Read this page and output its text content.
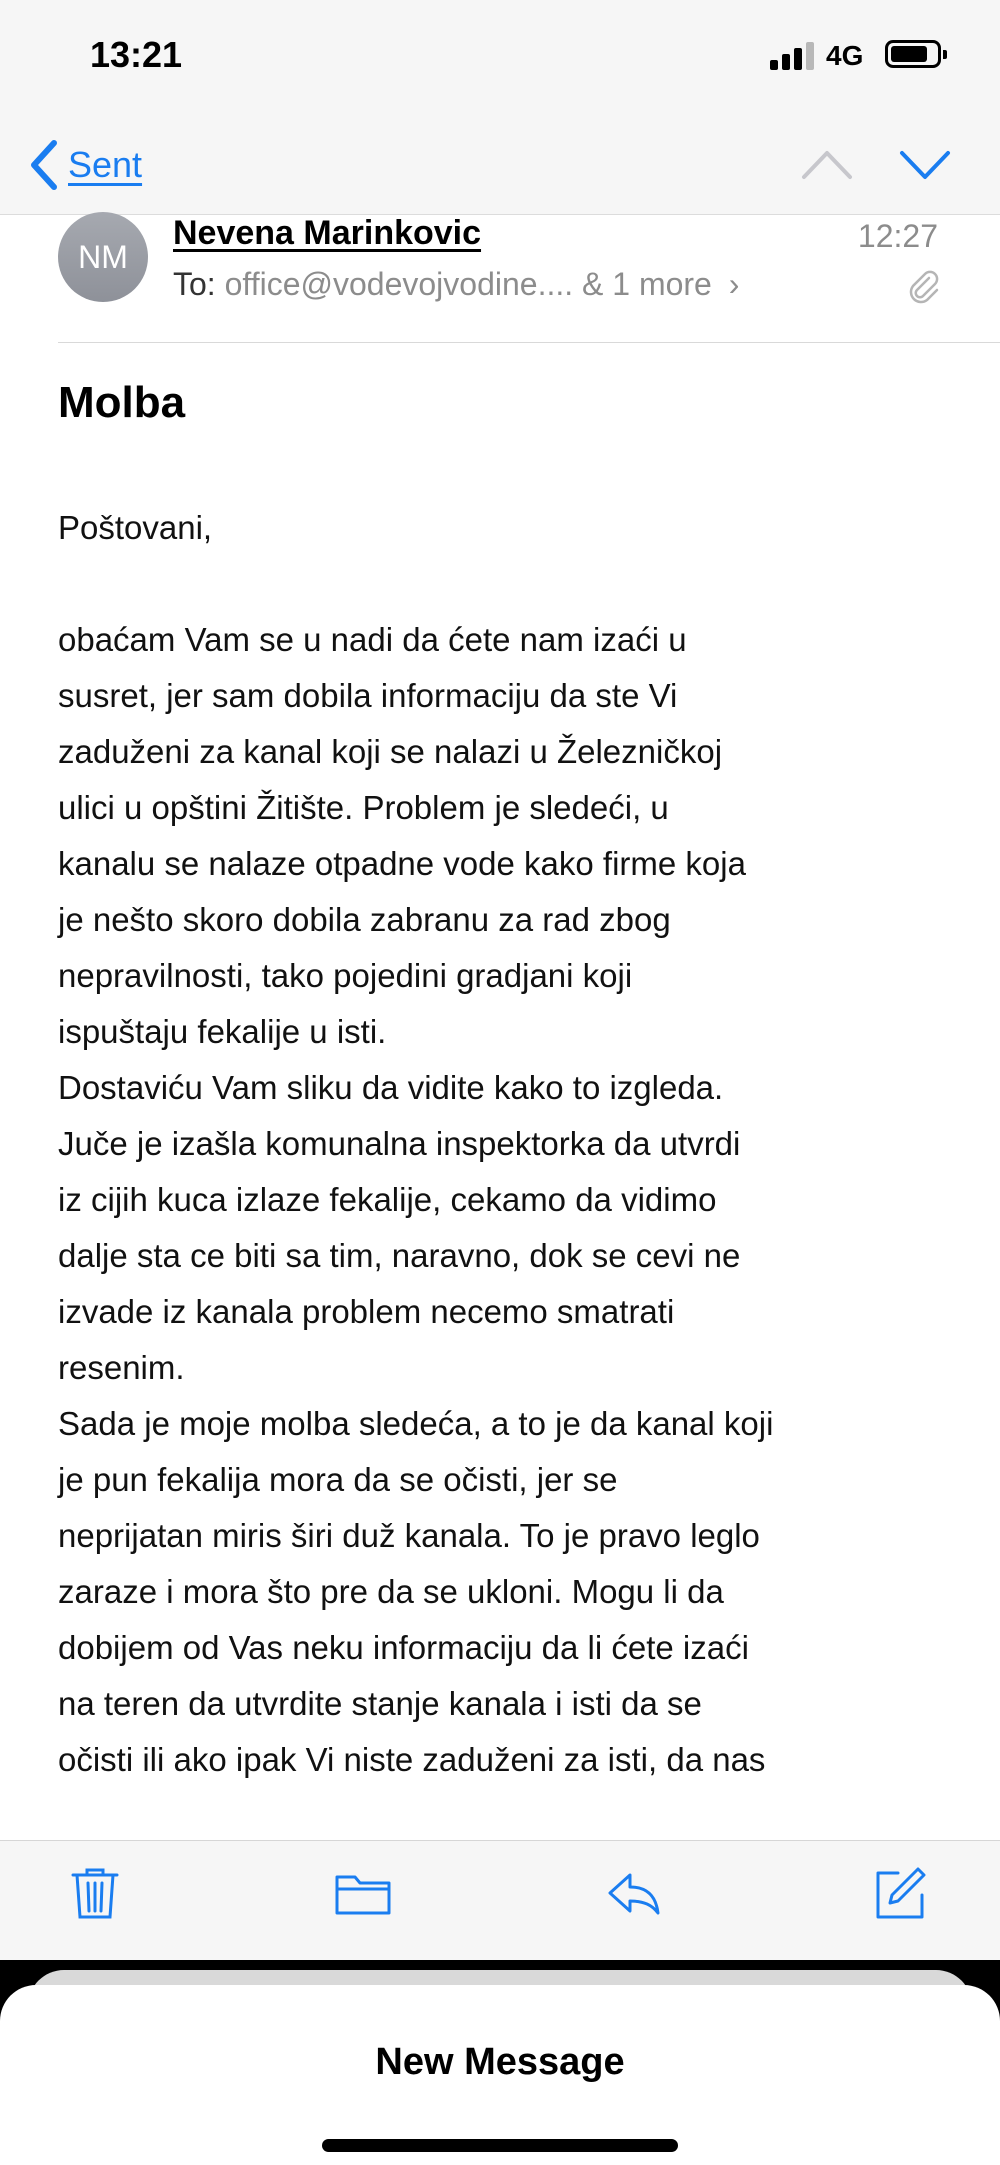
13:21	4G
Sent
NM
Nevena Marinkovic	12:27
To: office@vodevojvodine.... & 1 more ›
Molba

Poštovani,

obaćam Vam se u nadi da ćete nam izaći u

susret, jer sam dobila informaciju da ste Vi

zaduženi za kanal koji se nalazi u Železničkoj

ulici u opštini Žitište. Problem je sledeći, u

kanalu se nalaze otpadne vode kako firme koja

je nešto skoro dobila zabranu za rad zbog

nepravilnosti, tako pojedini gradjani koji

ispuštaju fekalije u isti.

Dostaviću Vam sliku da vidite kako to izgleda.

Juče je izašla komunalna inspektorka da utvrdi

iz cijih kuca izlaze fekalije, cekamo da vidimo

dalje sta ce biti sa tim, naravno, dok se cevi ne

izvade iz kanala problem necemo smatrati

resenim.

Sada je moje molba sledeća, a to je da kanal koji

je pun fekalija mora da se očisti, jer se

neprijatan miris širi duž kanala. To je pravo leglo

zaraze i mora što pre da se ukloni. Mogu li da

dobijem od Vas neku informaciju da li ćete izaći

na teren da utvrdite stanje kanala i isti da se

očisti ili ako ipak Vi niste zaduženi za isti, da nas

New Message
